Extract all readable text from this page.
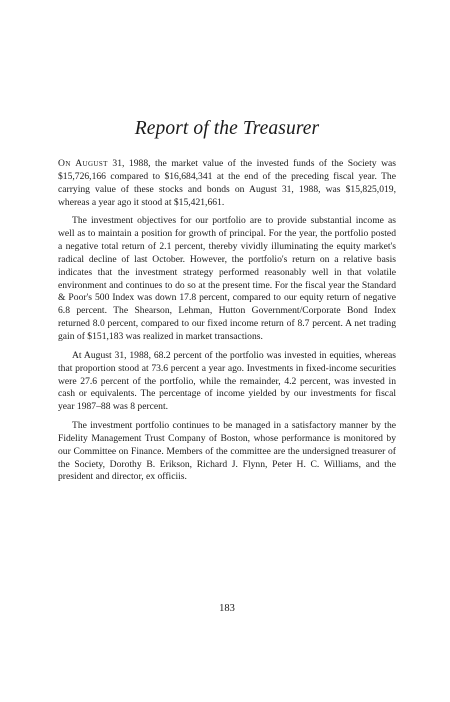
Report of the Treasurer

On August 31, 1988, the market value of the invested funds of the Society was $15,726,166 compared to $16,684,341 at the end of the preceding fiscal year. The carrying value of these stocks and bonds on August 31, 1988, was $15,825,019, whereas a year ago it stood at $15,421,661.

The investment objectives for our portfolio are to provide substantial income as well as to maintain a position for growth of principal. For the year, the portfolio posted a negative total return of 2.1 percent, thereby vividly illuminating the equity market's radical decline of last October. However, the portfolio's return on a relative basis indicates that the investment strategy performed reasonably well in that volatile environment and continues to do so at the present time. For the fiscal year the Standard & Poor's 500 Index was down 17.8 percent, compared to our equity return of negative 6.8 percent. The Shearson, Lehman, Hutton Government/Corporate Bond Index returned 8.0 percent, compared to our fixed income return of 8.7 percent. A net trading gain of $151,183 was realized in market transactions.

At August 31, 1988, 68.2 percent of the portfolio was invested in equities, whereas that proportion stood at 73.6 percent a year ago. Investments in fixed-income securities were 27.6 percent of the portfolio, while the remainder, 4.2 percent, was invested in cash or equivalents. The percentage of income yielded by our investments for fiscal year 1987–88 was 8 percent.

The investment portfolio continues to be managed in a satisfactory manner by the Fidelity Management Trust Company of Boston, whose performance is monitored by our Committee on Finance. Members of the committee are the undersigned treasurer of the Society, Dorothy B. Erikson, Richard J. Flynn, Peter H. C. Williams, and the president and director, ex officiis.

183
